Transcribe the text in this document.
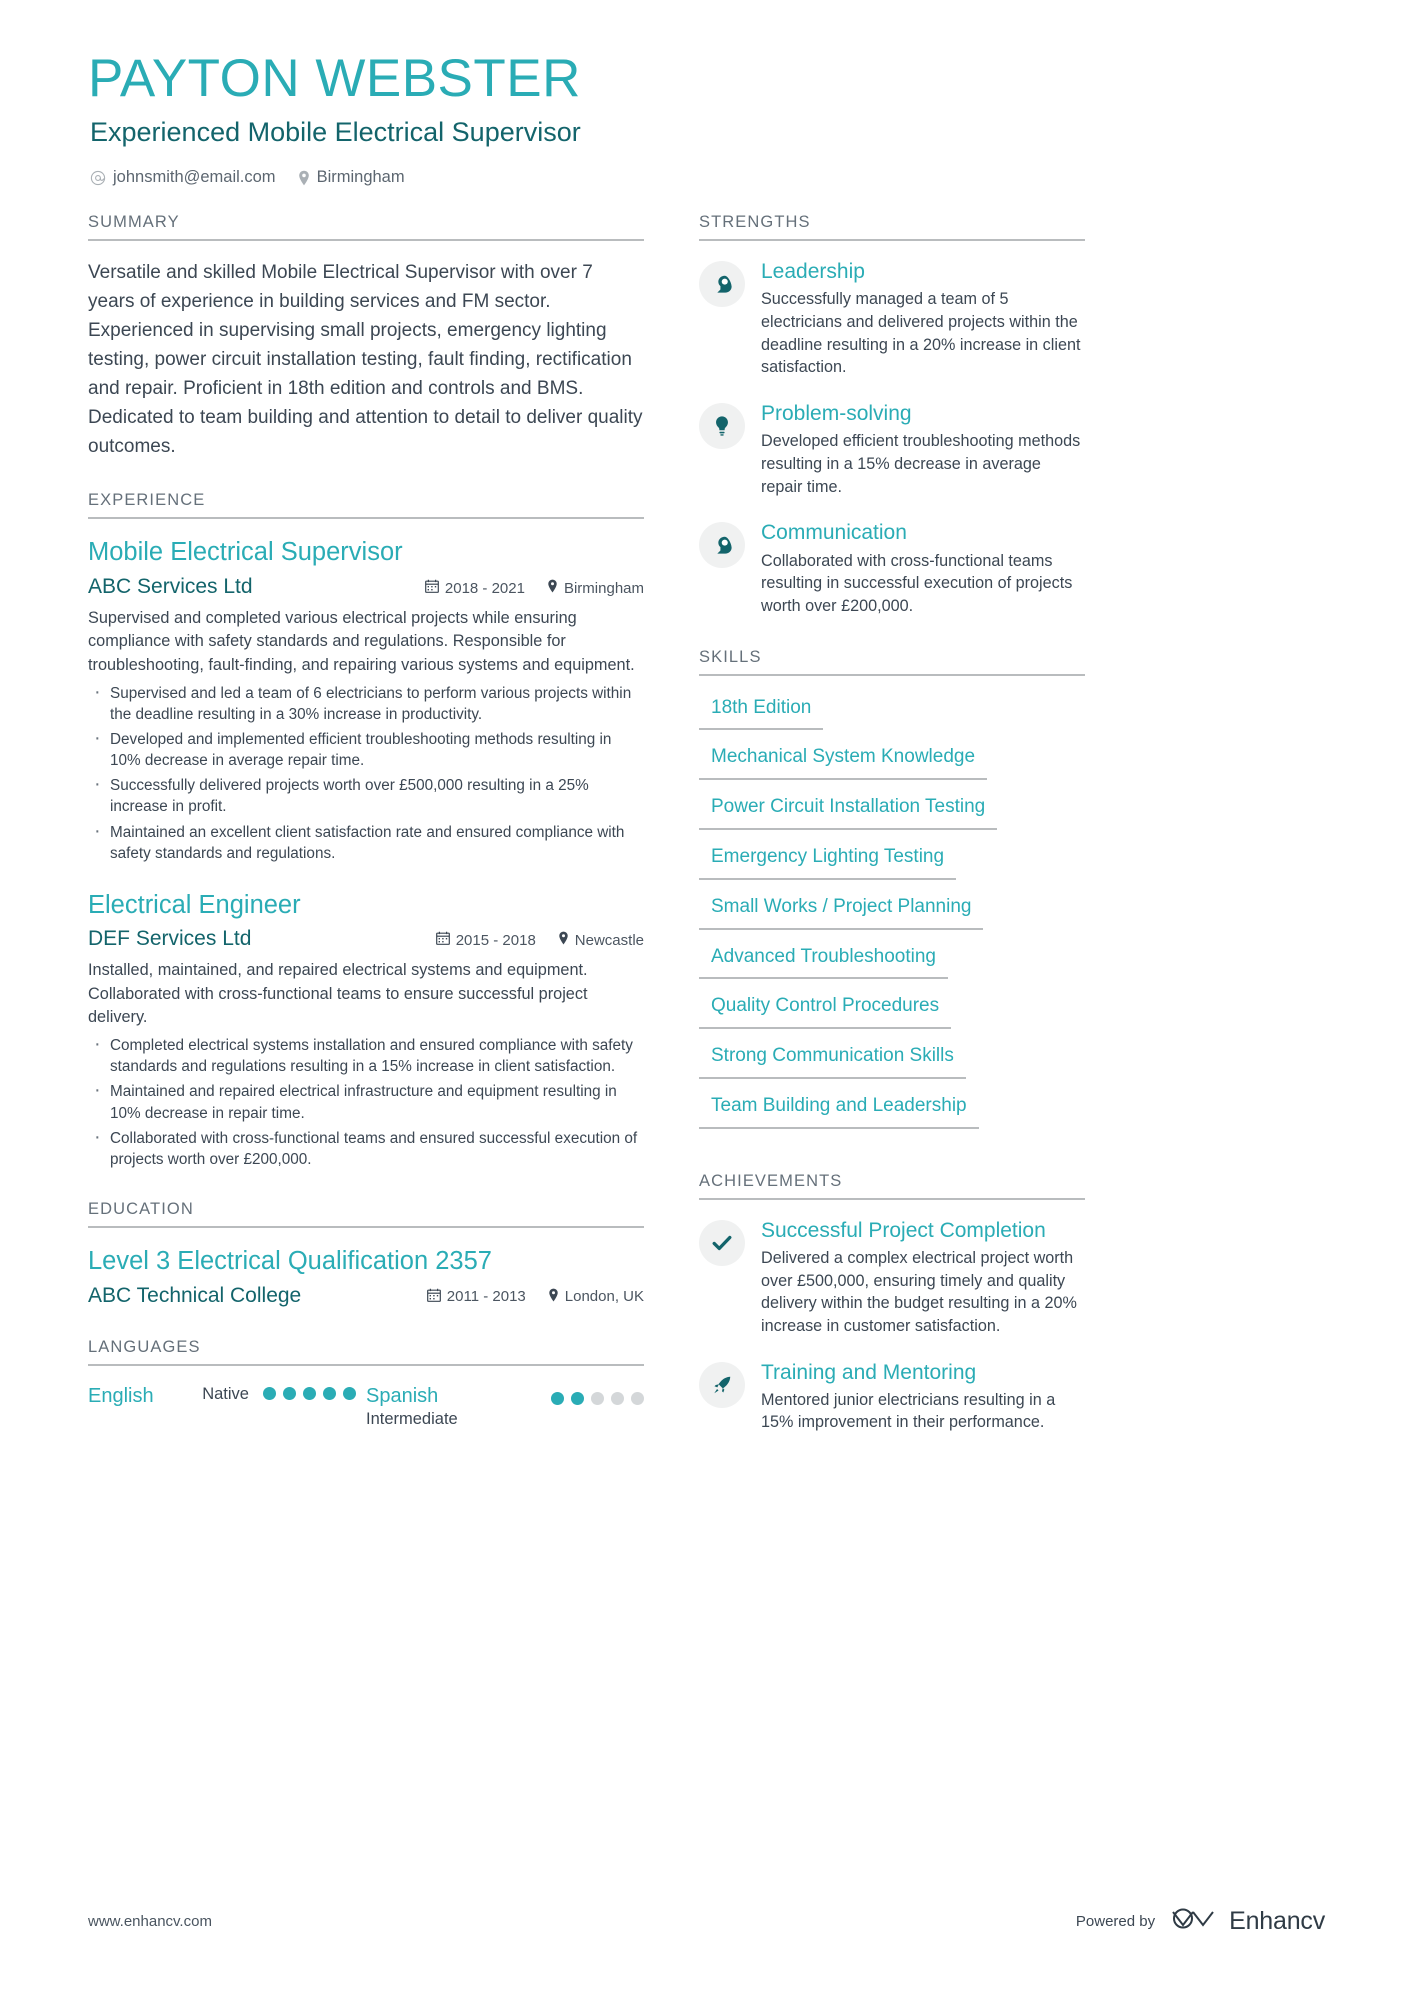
PAYTON WEBSTER
Experienced Mobile Electrical Supervisor
johnsmith@email.com Birmingham
SUMMARY

Versatile and skilled Mobile Electrical Supervisor with over 7 years of experience in building services and FM sector. Experienced in supervising small projects, emergency lighting testing, power circuit installation testing, fault finding, rectification and repair. Proficient in 18th edition and controls and BMS. Dedicated to team building and attention to detail to deliver quality outcomes.

EXPERIENCE
Mobile Electrical Supervisor
ABC Services Ltd	2018 - 2021	Birmingham

Supervised and completed various electrical projects while ensuring compliance with safety standards and regulations. Responsible for troubleshooting, fault-finding, and repairing various systems and equipment.

· Supervised and led a team of 6 electricians to perform various projects within the deadline resulting in a 30% increase in productivity.
· Developed and implemented efficient troubleshooting methods resulting in 10% decrease in average repair time.
· Successfully delivered projects worth over £500,000 resulting in a 25% increase in profit.
· Maintained an excellent client satisfaction rate and ensured compliance with safety standards and regulations.
Electrical Engineer
DEF Services Ltd	2015 - 2018	Newcastle

Installed, maintained, and repaired electrical systems and equipment. Collaborated with cross-functional teams to ensure successful project delivery.

· Completed electrical systems installation and ensured compliance with safety standards and regulations resulting in a 15% increase in client satisfaction.
· Maintained and repaired electrical infrastructure and equipment resulting in 10% decrease in repair time.
· Collaborated with cross-functional teams and ensured successful execution of projects worth over £200,000.
EDUCATION
Level 3 Electrical Qualification 2357
ABC Technical College	2011 - 2013	London, UK
LANGUAGES
English	Native	Spanish
Intermediate
STRENGTHS
Leadership

Successfully managed a team of 5 electricians and delivered projects within the deadline resulting in a 20% increase in client satisfaction.

Problem-solving

Developed efficient troubleshooting methods resulting in a 15% decrease in average repair time.

Communication

Collaborated with cross-functional teams resulting in successful execution of projects worth over £200,000.

SKILLS
18th Edition
Mechanical System Knowledge
Power Circuit Installation Testing
Emergency Lighting Testing
Small Works / Project Planning
Advanced Troubleshooting
Quality Control Procedures
Strong Communication Skills
Team Building and Leadership
ACHIEVEMENTS
Successful Project Completion

Delivered a complex electrical project worth over £500,000, ensuring timely and quality delivery within the budget resulting in a 20% increase in customer satisfaction.

Training and Mentoring

Mentored junior electricians resulting in a 15% improvement in their performance.

www.enhancv.com	Powered by	Enhancv
